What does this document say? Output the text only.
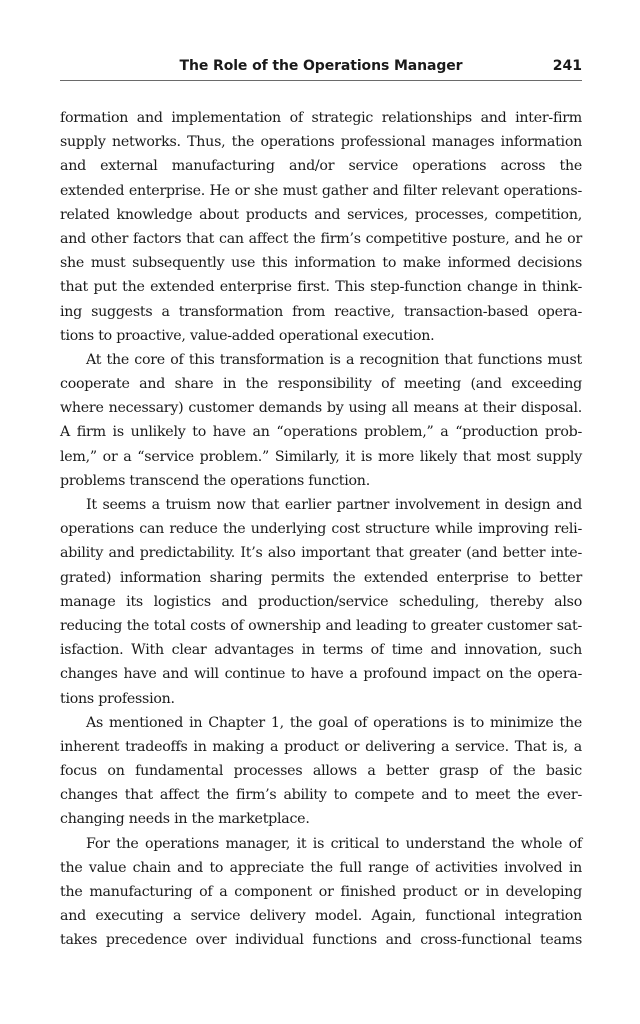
The Role of the Operations Manager	241
formation and implementation of strategic relationships and inter-firm
supply networks. Thus, the operations professional manages information
and external manufacturing and/or service operations across the
extended enterprise. He or she must gather and filter relevant operations-
related knowledge about products and services, processes, competition,
and other factors that can affect the firm’s competitive posture, and he or
she must subsequently use this information to make informed decisions
that put the extended enterprise first. This step-function change in think-
ing suggests a transformation from reactive, transaction-based opera-
tions to proactive, value-added operational execution.
At the core of this transformation is a recognition that functions must
cooperate and share in the responsibility of meeting (and exceeding
where necessary) customer demands by using all means at their disposal.
A firm is unlikely to have an “operations problem,” a “production prob-
lem,” or a “service problem.” Similarly, it is more likely that most supply
problems transcend the operations function.
It seems a truism now that earlier partner involvement in design and
operations can reduce the underlying cost structure while improving reli-
ability and predictability. It’s also important that greater (and better inte-
grated) information sharing permits the extended enterprise to better
manage its logistics and production/service scheduling, thereby also
reducing the total costs of ownership and leading to greater customer sat-
isfaction. With clear advantages in terms of time and innovation, such
changes have and will continue to have a profound impact on the opera-
tions profession.
As mentioned in Chapter 1, the goal of operations is to minimize the
inherent tradeoffs in making a product or delivering a service. That is, a
focus on fundamental processes allows a better grasp of the basic
changes that affect the firm’s ability to compete and to meet the ever-
changing needs in the marketplace.
For the operations manager, it is critical to understand the whole of
the value chain and to appreciate the full range of activities involved in
the manufacturing of a component or finished product or in developing
and executing a service delivery model. Again, functional integration
takes precedence over individual functions and cross-functional teams
